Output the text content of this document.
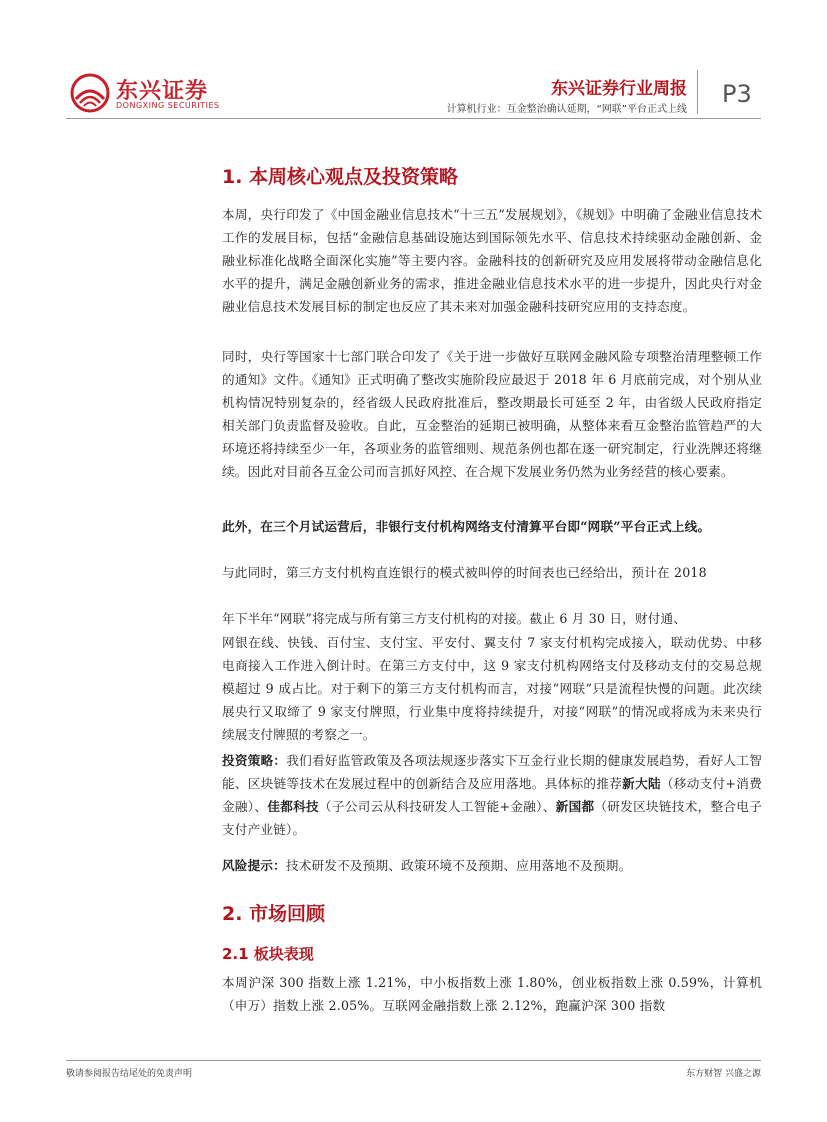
东兴证券
DONGXING SECURITIES
东兴证券行业周报
计算机行业：互金整治确认延期，“网联”平台正式上线
P3
1. 本周核心观点及投资策略

本周，央行印发了《中国金融业信息技术“十三五”发展规划》，《规划》中明确了金融业信息技术工作的发展目标，包括“金融信息基础设施达到国际领先水平、信息技术持续驱动金融创新、金融业标准化战略全面深化实施”等主要内容。金融科技的创新研究及应用发展将带动金融信息化水平的提升，满足金融创新业务的需求，推进金融业信息技术水平的进一步提升，因此央行对金融业信息技术发展目标的制定也反应了其未来对加强金融科技研究应用的支持态度。

同时，央行等国家十七部门联合印发了《关于进一步做好互联网金融风险专项整治清理整顿工作的通知》文件。《通知》正式明确了整改实施阶段应最迟于 2018 年 6 月底前完成，对个别从业机构情况特别复杂的，经省级人民政府批准后，整改期最长可延至 2 年，由省级人民政府指定相关部门负责监督及验收。自此，互金整治的延期已被明确，从整体来看互金整治监管趋严的大环境还将持续至少一年，各项业务的监管细则、规范条例也都在逐一研究制定，行业洗牌还将继续。因此对目前各互金公司而言抓好风控、在合规下发展业务仍然为业务经营的核心要素。

此外，在三个月试运营后，非银行支付机构网络支付清算平台即“网联”平台正式上线。

与此同时，第三方支付机构直连银行的模式被叫停的时间表也已经给出，预计在 2018

年下半年“网联”将完成与所有第三方支付机构的对接。截止 6 月 30 日，财付通、

网银在线、快钱、百付宝、支付宝、平安付、翼支付 7 家支付机构完成接入，联动优势、中移电商接入工作进入倒计时。在第三方支付中，这 9 家支付机构网络支付及移动支付的交易总规模超过 9 成占比。对于剩下的第三方支付机构而言，对接“网联”只是流程快慢的问题。此次续展央行又取缔了 9 家支付牌照，行业集中度将持续提升，对接“网联”的情况或将成为未来央行续展支付牌照的考察之一。

投资策略：我们看好监管政策及各项法规逐步落实下互金行业长期的健康发展趋势，看好人工智能、区块链等技术在发展过程中的创新结合及应用落地。具体标的推荐新大陆（移动支付+消费金融）、佳都科技（子公司云从科技研发人工智能+金融）、新国都（研发区块链技术，整合电子支付产业链）。

风险提示：技术研发不及预期、政策环境不及预期、应用落地不及预期。

2. 市场回顾
2.1 板块表现

本周沪深 300 指数上涨 1.21%，中小板指数上涨 1.80%，创业板指数上涨 0.59%，计算机（申万）指数上涨 2.05%。互联网金融指数上涨 2.12%，跑赢沪深 300 指数

敬请参阅报告结尾处的免责声明	东方财智 兴盛之源
